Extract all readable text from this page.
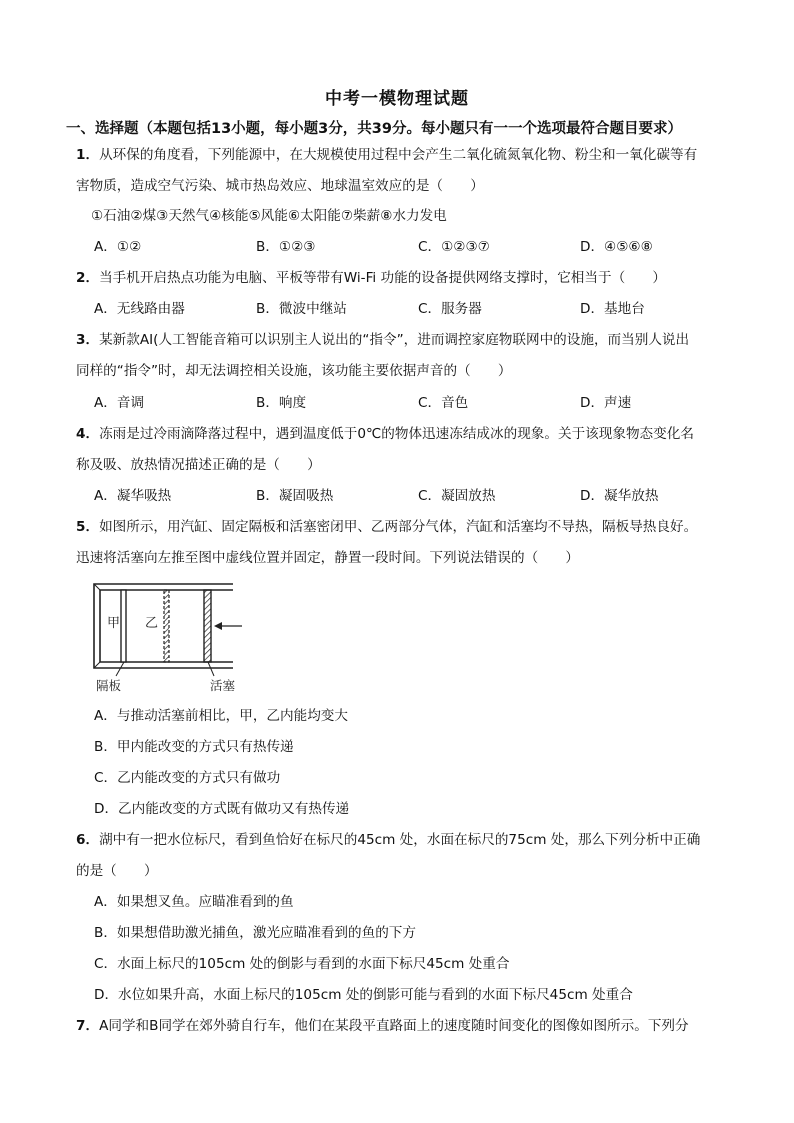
中考一模物理试题
一、选择题（本题包括13小题，每小题3分，共39分。每小题只有一一个选项最符合题目要求）
1．从环保的角度看，下列能源中，在大规模使用过程中会产生二氧化硫氮氧化物、粉尘和一氧化碳等有
害物质，造成空气污染、城市热岛效应、地球温室效应的是（　　）
①石油②煤③天然气④核能⑤风能⑥太阳能⑦柴薪⑧水力发电
A．①②	B．①②③	C．①②③⑦	D．④⑤⑥⑧
2．当手机开启热点功能为电脑、平板等带有Wi-Fi 功能的设备提供网络支撑时，它相当于（　　）
A．无线路由器	B．微波中继站	C．服务器	D．基地台
3．某新款AI(人工智能音箱可以识别主人说出的“指令”，进而调控家庭物联网中的设施，而当别人说出
同样的“指令”时，却无法调控相关设施，该功能主要依据声音的（　　）
A．音调	B．响度	C．音色	D．声速
4．冻雨是过冷雨滴降落过程中，遇到温度低于0℃的物体迅速冻结成冰的现象。关于该现象物态变化名
称及吸、放热情况描述正确的是（　　）
A．凝华吸热	B．凝固吸热	C．凝固放热	D．凝华放热
5．如图所示，用汽缸、固定隔板和活塞密闭甲、乙两部分气体，汽缸和活塞均不导热，隔板导热良好。
迅速将活塞向左推至图中虚线位置并固定，静置一段时间。下列说法错误的（　　）
甲 乙
隔板	活塞
A．与推动活塞前相比，甲，乙内能均变大
B．甲内能改变的方式只有热传递
C．乙内能改变的方式只有做功
D．乙内能改变的方式既有做功又有热传递
6．湖中有一把水位标尺，看到鱼恰好在标尺的45cm 处，水面在标尺的75cm 处，那么下列分析中正确
的是（　　）
A．如果想叉鱼。应瞄准看到的鱼
B．如果想借助激光捕鱼，激光应瞄准看到的鱼的下方
C．水面上标尺的105cm 处的倒影与看到的水面下标尺45cm 处重合
D．水位如果升高，水面上标尺的105cm 处的倒影可能与看到的水面下标尺45cm 处重合
7．A同学和B同学在郊外骑自行车，他们在某段平直路面上的速度随时间变化的图像如图所示。下列分
